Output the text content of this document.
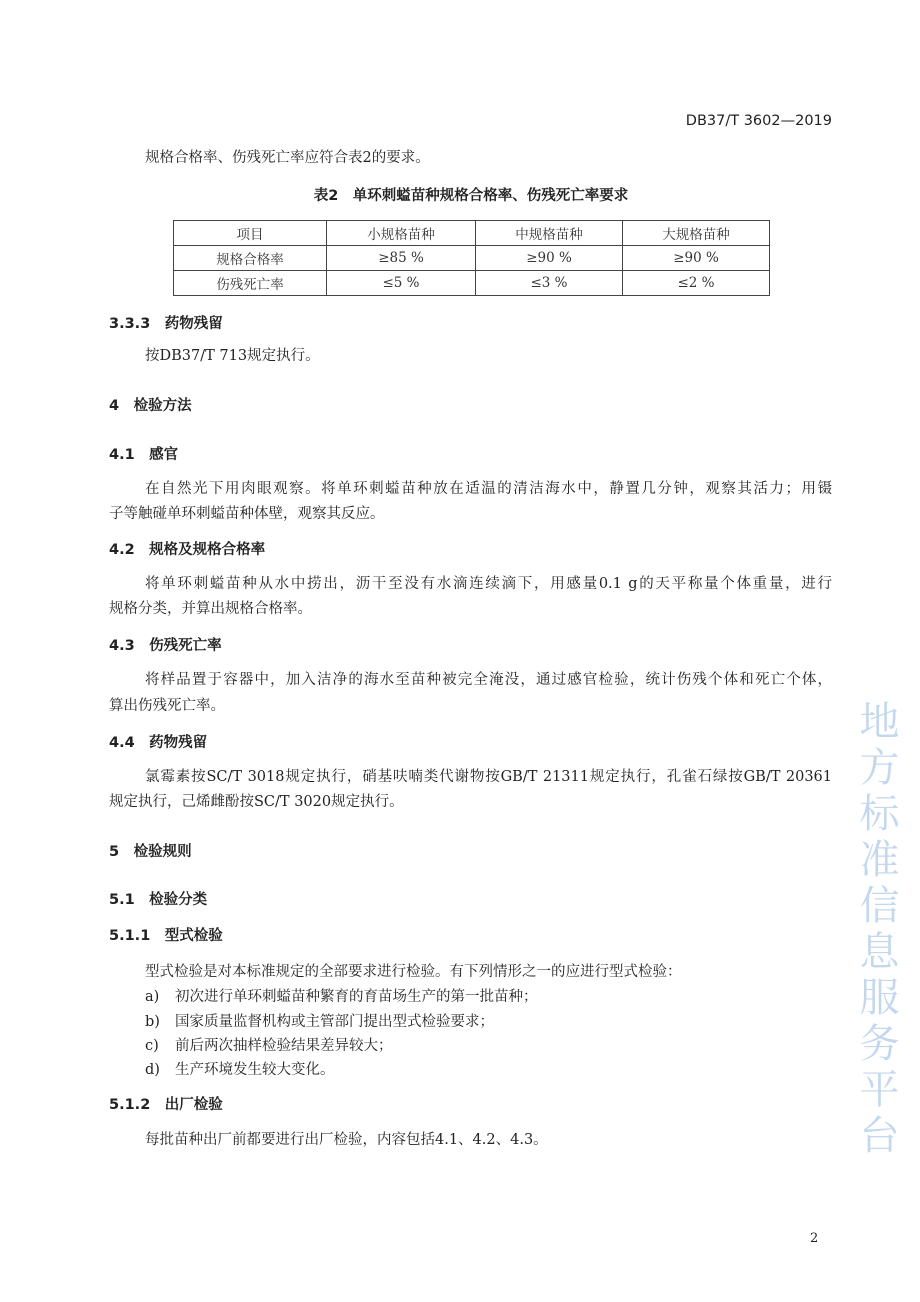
地方标准信息服务平台
DB37/T 3602—2019
规格合格率、伤残死亡率应符合表2的要求。
表2　单环刺螠苗种规格合格率、伤残死亡率要求
项目	小规格苗种	中规格苗种	大规格苗种
规格合格率	≥85 %	≥90 %	≥90 %
伤残死亡率	≤5 %	≤3 %	≤2 %
3.3.3　药物残留
按DB37/T 713规定执行。
4　检验方法
4.1　感官
在自然光下用肉眼观察。将单环刺螠苗种放在适温的清洁海水中，静置几分钟，观察其活力；用镊
子等触碰单环刺螠苗种体壁，观察其反应。
4.2　规格及规格合格率
将单环刺螠苗种从水中捞出，沥干至没有水滴连续滴下，用感量0.1 g的天平称量个体重量，进行
规格分类，并算出规格合格率。
4.3　伤残死亡率
将样品置于容器中，加入洁净的海水至苗种被完全淹没，通过感官检验，统计伤残个体和死亡个体，
算出伤残死亡率。
4.4　药物残留
氯霉素按SC/T 3018规定执行，硝基呋喃类代谢物按GB/T 21311规定执行，孔雀石绿按GB/T 20361
规定执行，己烯雌酚按SC/T 3020规定执行。
5　检验规则
5.1　检验分类
5.1.1　型式检验
型式检验是对本标准规定的全部要求进行检验。有下列情形之一的应进行型式检验：
a) 初次进行单环刺螠苗种繁育的育苗场生产的第一批苗种；
b) 国家质量监督机构或主管部门提出型式检验要求；
c) 前后两次抽样检验结果差异较大；
d) 生产环境发生较大变化。
5.1.2　出厂检验
每批苗种出厂前都要进行出厂检验，内容包括4.1、4.2、4.3。
2
